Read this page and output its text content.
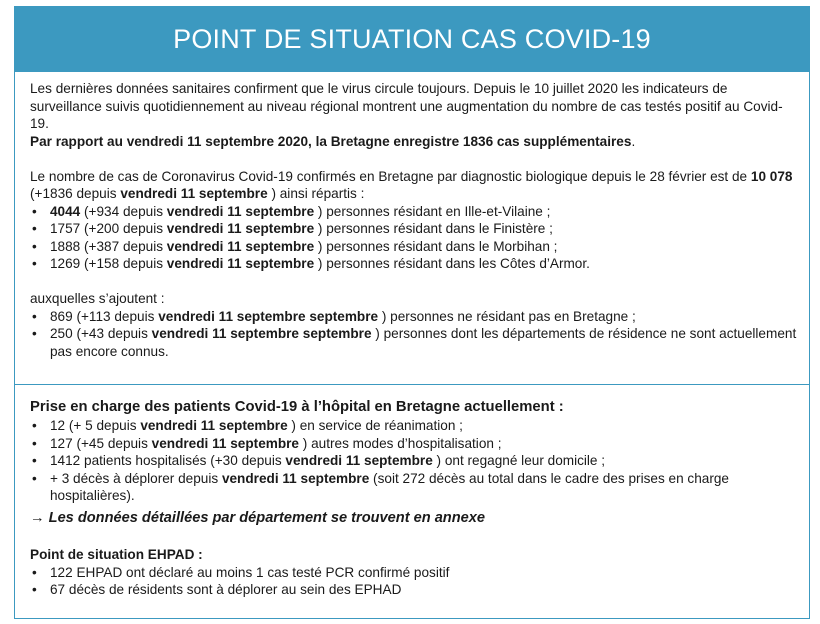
POINT DE SITUATION CAS COVID-19

Les dernières données sanitaires confirment que le virus circule toujours. Depuis le 10 juillet 2020 les indicateurs de surveillance suivis quotidiennement au niveau régional montrent une augmentation du nombre de cas testés positif au Covid-19.

Par rapport au vendredi 11 septembre 2020, la Bretagne enregistre 1836 cas supplémentaires.

Le nombre de cas de Coronavirus Covid-19 confirmés en Bretagne par diagnostic biologique depuis le 28 février est de 10 078 (+1836 depuis vendredi 11 septembre ) ainsi répartis :

• 4044 (+934 depuis vendredi 11 septembre ) personnes résidant en Ille-et-Vilaine ;
• 1757 (+200 depuis vendredi 11 septembre ) personnes résidant dans le Finistère ;
• 1888 (+387 depuis vendredi 11 septembre ) personnes résidant dans le Morbihan ;
• 1269 (+158 depuis vendredi 11 septembre ) personnes résidant dans les Côtes d’Armor.

auxquelles s’ajoutent :

• 869 (+113 depuis vendredi 11 septembre septembre ) personnes ne résidant pas en Bretagne ;
• 250 (+43 depuis vendredi 11 septembre septembre ) personnes dont les départements de résidence ne sont actuellement pas encore connus.

Prise en charge des patients Covid-19 à l’hôpital en Bretagne actuellement :

• 12 (+ 5 depuis vendredi 11 septembre ) en service de réanimation ;
• 127 (+45 depuis vendredi 11 septembre ) autres modes d’hospitalisation ;
• 1412 patients hospitalisés (+30 depuis vendredi 11 septembre ) ont regagné leur domicile ;
• + 3 décès à déplorer depuis vendredi 11 septembre (soit 272 décès au total dans le cadre des prises en charge hospitalières).

→ Les données détaillées par département se trouvent en annexe

Point de situation EHPAD :

• 122 EHPAD ont déclaré au moins 1 cas testé PCR confirmé positif
• 67 décès de résidents sont à déplorer au sein des EPHAD
